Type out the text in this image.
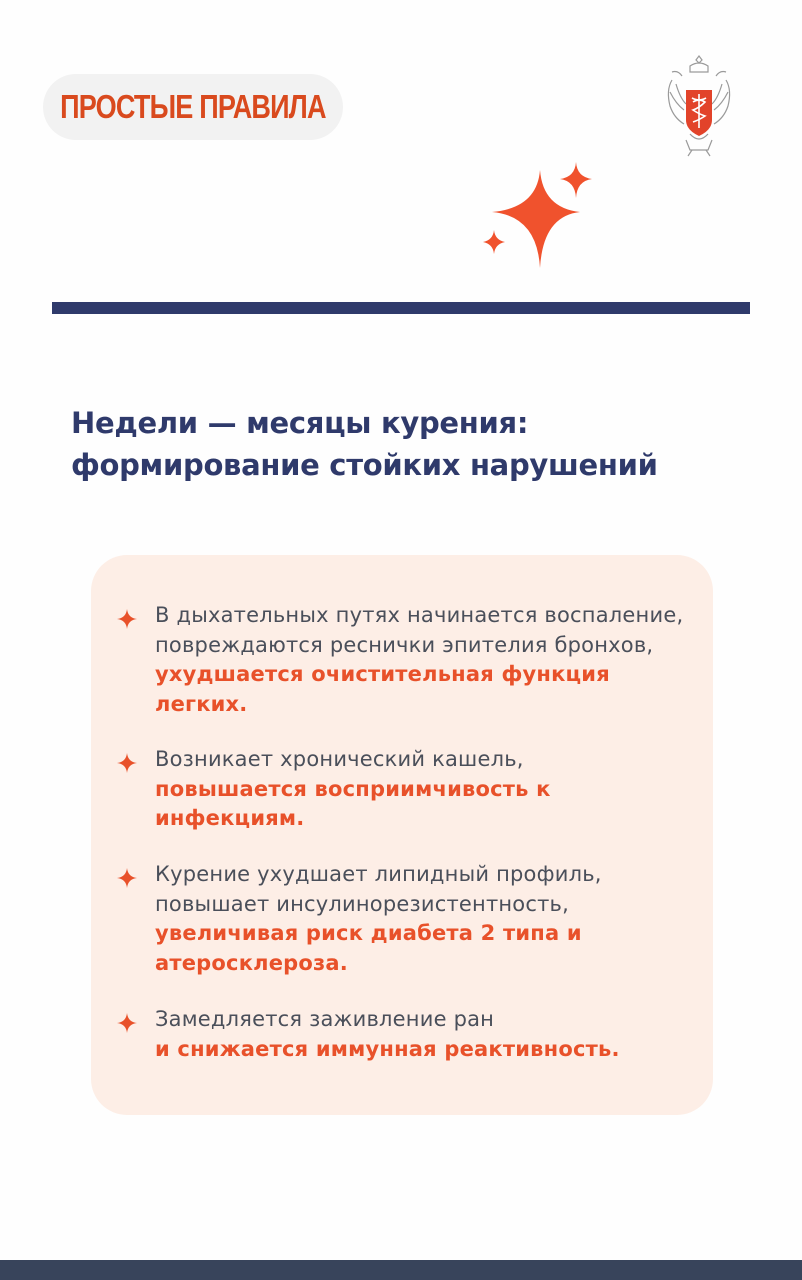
ПРОСТЫЕ ПРАВИЛА
Недели — месяцы курения:
формирование стойких нарушений
В дыхательных путях начинается воспаление, повреждаются реснички эпителия бронхов, ухудшается очистительная функция легких.
Возникает хронический кашель, повышается восприимчивость к инфекциям.
Курение ухудшает липидный профиль, повышает инсулинорезистентность, увеличивая риск диабета 2 типа и атеросклероза.
Замедляется заживление ран
и снижается иммунная реактивность.
